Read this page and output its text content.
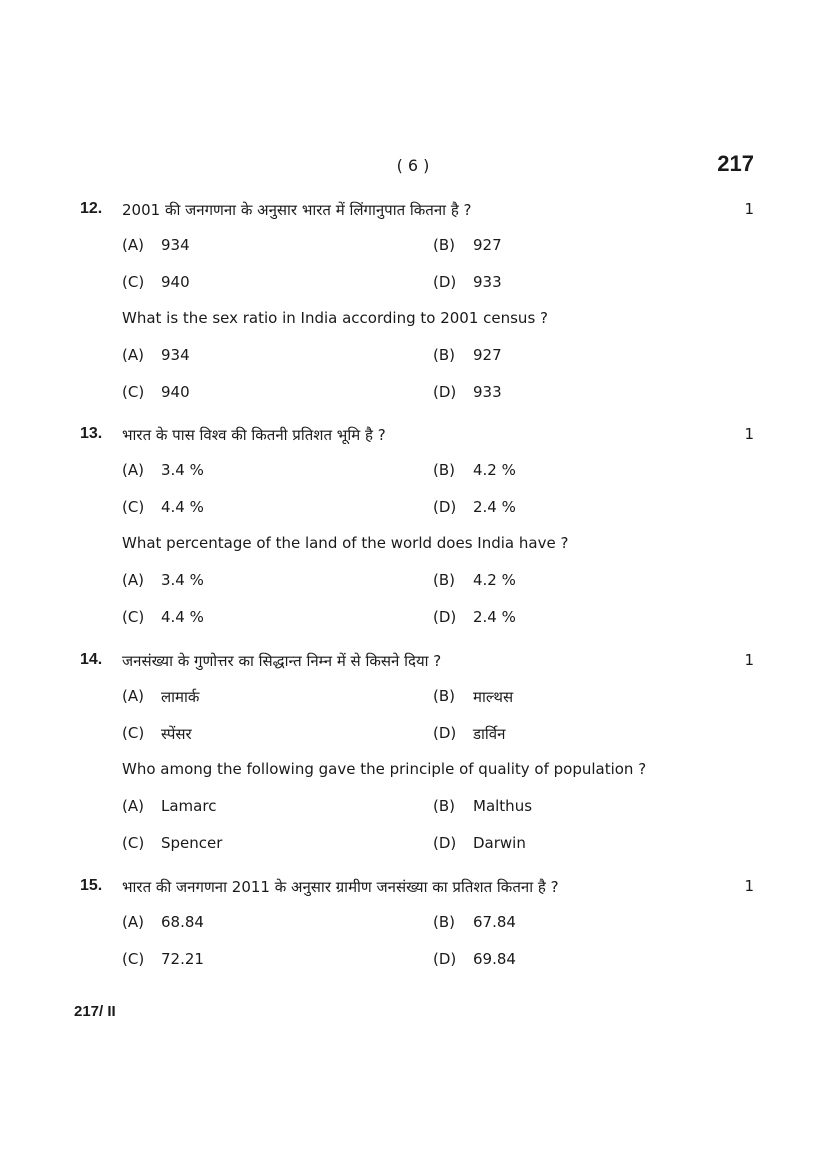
( 6 )	217
12. 2001 की जनगणना के अनुसार भारत में लिंगानुपात कितना है ?	1
(A) 934	(B) 927
(C) 940	(D) 933
What is the sex ratio in India according to 2001 census ?
(A) 934	(B) 927
(C) 940	(D) 933
13. भारत के पास विश्व की कितनी प्रतिशत भूमि है ?	1
(A) 3.4 %	(B) 4.2 %
(C) 4.4 %	(D) 2.4 %
What percentage of the land of the world does India have ?
(A) 3.4 %	(B) 4.2 %
(C) 4.4 %	(D) 2.4 %
14. जनसंख्या के गुणोत्तर का सिद्धान्त निम्न में से किसने दिया ?	1
(A) लामार्क	(B) माल्थस
(C) स्पेंसर	(D) डार्विन
Who among the following gave the principle of quality of population ?
(A) Lamarc	(B) Malthus
(C) Spencer	(D) Darwin
15. भारत की जनगणना 2011 के अनुसार ग्रामीण जनसंख्या का प्रतिशत कितना है ?	1
(A) 68.84	(B) 67.84
(C) 72.21	(D) 69.84
217/ II
